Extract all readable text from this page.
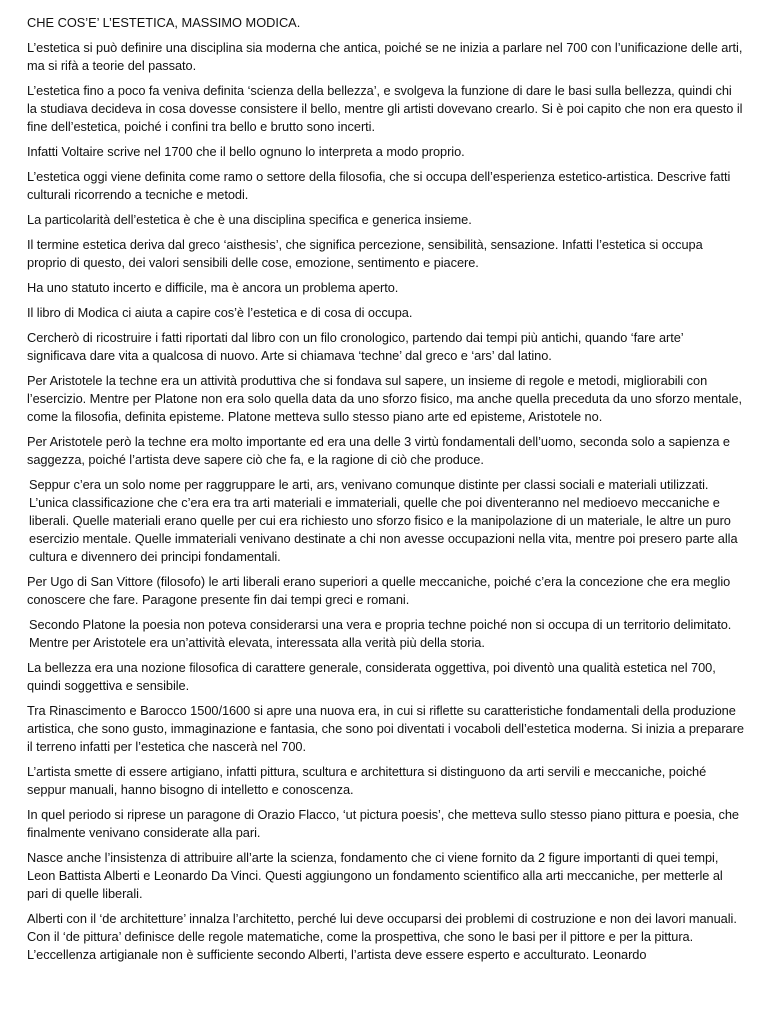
CHE COS’E’ L’ESTETICA, MASSIMO MODICA.

L’estetica si può definire una disciplina sia moderna che antica, poiché se ne inizia a parlare nel 700 con l’unificazione delle arti, ma si rifà a teorie del passato.

L’estetica fino a poco fa veniva definita ‘scienza della bellezza’, e svolgeva la funzione di dare le basi sulla bellezza, quindi chi la studiava decideva in cosa dovesse consistere il bello, mentre gli artisti dovevano crearlo. Si è poi capito che non era questo il fine dell’estetica, poiché i confini tra bello e brutto sono incerti.

Infatti Voltaire scrive nel 1700 che il bello ognuno lo interpreta a modo proprio.

L’estetica oggi viene definita come ramo o settore della filosofia, che si occupa dell’esperienza estetico-artistica. Descrive fatti culturali ricorrendo a tecniche e metodi.

La particolarità dell’estetica è che è una disciplina specifica e generica insieme.

Il termine estetica deriva dal greco ‘aisthesis’, che significa percezione, sensibilità, sensazione. Infatti l’estetica si occupa proprio di questo, dei valori sensibili delle cose, emozione, sentimento e piacere.

Ha uno statuto incerto e difficile, ma è ancora un problema aperto.

Il libro di Modica ci aiuta a capire cos’è l’estetica e di cosa di occupa.

Cercherò di ricostruire i fatti riportati dal libro con un filo cronologico, partendo dai tempi più antichi, quando ‘fare arte’ significava dare vita a qualcosa di nuovo. Arte si chiamava ‘techne’ dal greco e ‘ars’ dal latino.

Per Aristotele la techne era un attività produttiva che si fondava sul sapere, un insieme di regole e metodi, migliorabili con l’esercizio. Mentre per Platone non era solo quella data da uno sforzo fisico, ma anche quella preceduta da uno sforzo mentale, come la filosofia, definita episteme. Platone metteva sullo stesso piano arte ed episteme, Aristotele no.

Per Aristotele però la techne era molto importante ed era una delle 3 virtù fondamentali dell’uomo, seconda solo a sapienza e saggezza, poiché l’artista deve sapere ciò che fa, e la ragione di ciò che produce.

Seppur c’era un solo nome per raggruppare le arti, ars, venivano comunque distinte per classi sociali e materiali utilizzati. L’unica classificazione che c’era era tra arti materiali e immateriali, quelle che poi diventeranno nel medioevo meccaniche e liberali. Quelle materiali erano quelle per cui era richiesto uno sforzo fisico e la manipolazione di un materiale, le altre un puro esercizio mentale. Quelle immateriali venivano destinate a chi non avesse occupazioni nella vita, mentre poi presero parte alla cultura e divennero dei principi fondamentali.

Per Ugo di San Vittore (filosofo) le arti liberali erano superiori a quelle meccaniche, poiché c’era la concezione che era meglio conoscere che fare. Paragone presente fin dai tempi greci e romani.

Secondo Platone la poesia non poteva considerarsi una vera e propria techne poiché non si occupa di un territorio delimitato. Mentre per Aristotele era un’attività elevata, interessata alla verità più della storia.

La bellezza era una nozione filosofica di carattere generale, considerata oggettiva, poi diventò una qualità estetica nel 700, quindi soggettiva e sensibile.

Tra Rinascimento e Barocco 1500/1600 si apre una nuova era, in cui si riflette su caratteristiche fondamentali della produzione artistica, che sono gusto, immaginazione e fantasia, che sono poi diventati i vocaboli dell’estetica moderna. Si inizia a preparare il terreno infatti per l’estetica che nascerà nel 700.

L’artista smette di essere artigiano, infatti pittura, scultura e architettura si distinguono da arti servili e meccaniche, poiché seppur manuali, hanno bisogno di intelletto e conoscenza.

In quel periodo si riprese un paragone di Orazio Flacco, ‘ut pictura poesis’, che metteva sullo stesso piano pittura e poesia, che finalmente venivano considerate alla pari.

Nasce anche l’insistenza di attribuire all’arte la scienza, fondamento che ci viene fornito da 2 figure importanti di quei tempi, Leon Battista Alberti e Leonardo Da Vinci. Questi aggiungono un fondamento scientifico alla arti meccaniche, per metterle al pari di quelle liberali.

Alberti con il ‘de architetture’ innalza l’architetto, perché lui deve occuparsi dei problemi di costruzione e non dei lavori manuali. Con il ‘de pittura’ definisce delle regole matematiche, come la prospettiva, che sono le basi per il pittore e per la pittura. L’eccellenza artigianale non è sufficiente secondo Alberti, l’artista deve essere esperto e acculturato. Leonardo
